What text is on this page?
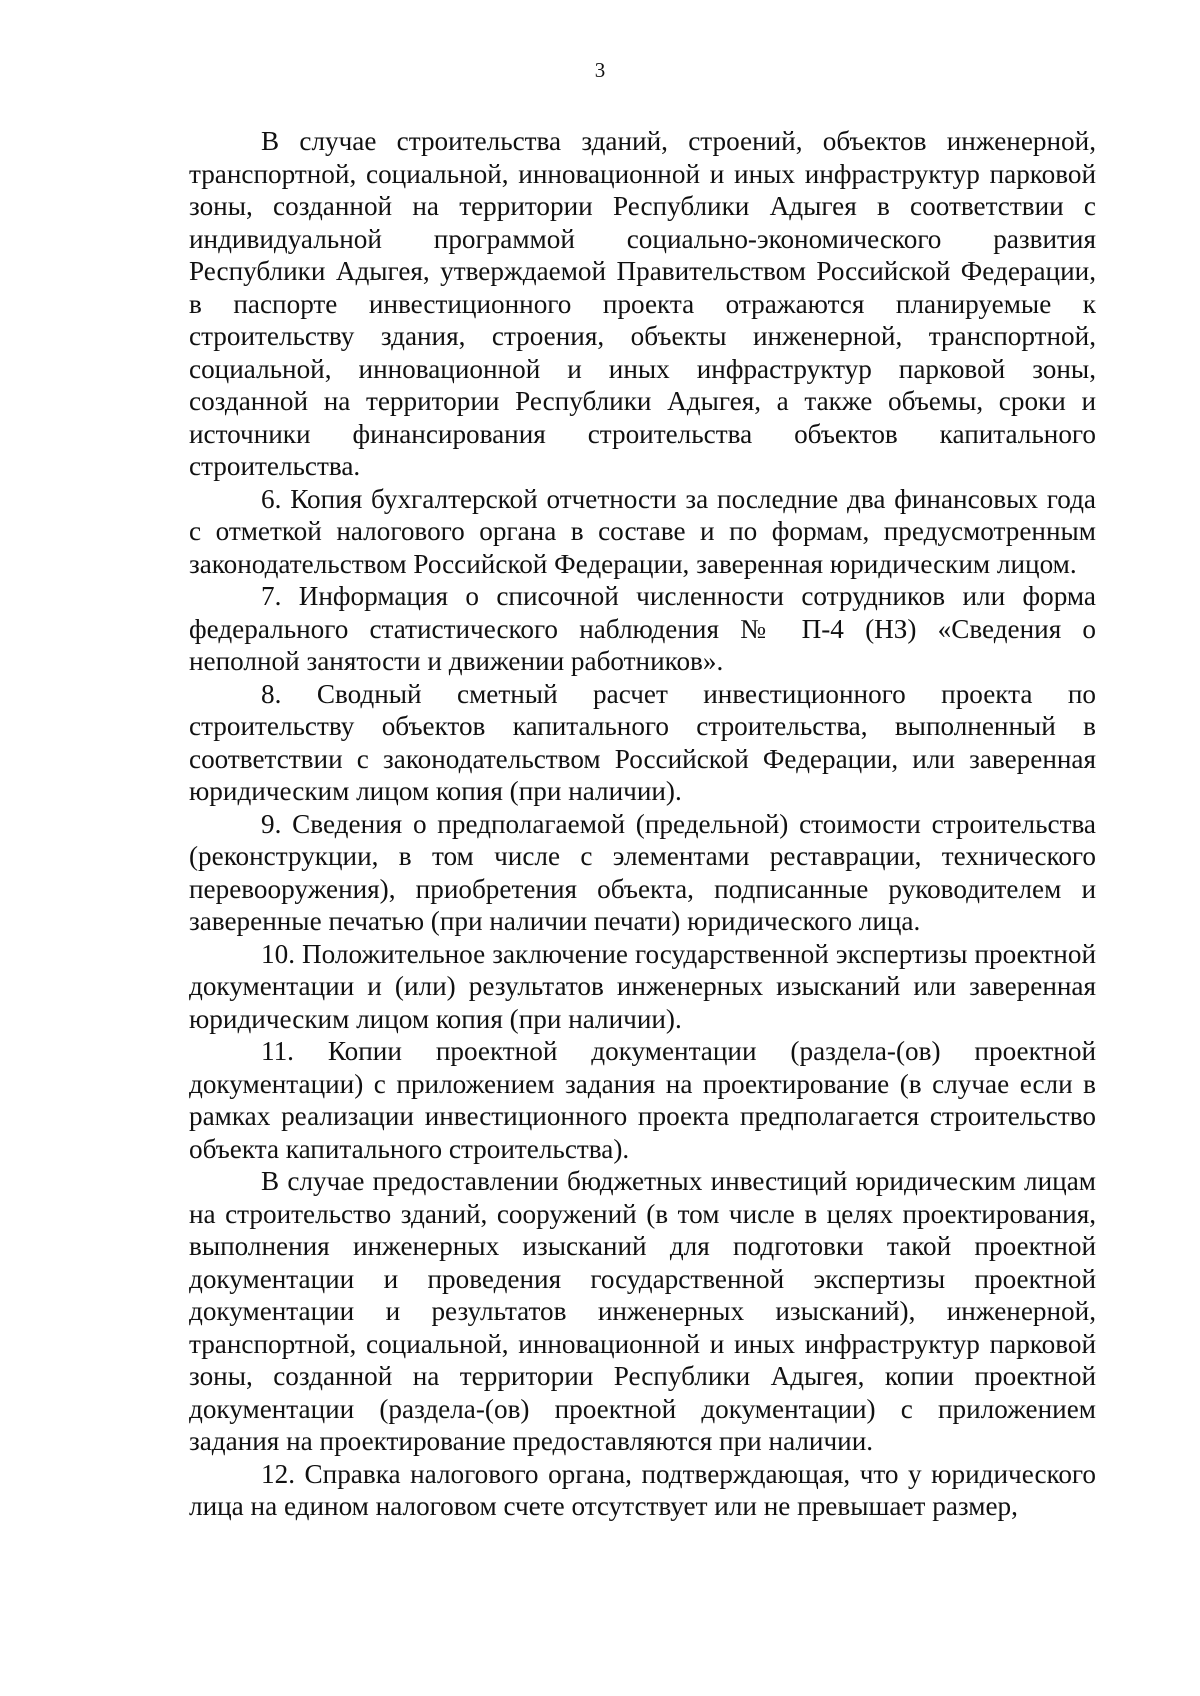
3

В случае строительства зданий, строений, объектов инженерной, транспортной, социальной, инновационной и иных инфраструктур парковой зоны, созданной на территории Республики Адыгея в соответствии с индивидуальной программой социально-экономического развития Республики Адыгея, утверждаемой Правительством Российской Федерации, в паспорте инвестиционного проекта отражаются планируемые к строительству здания, строения, объекты инженерной, транспортной, социальной, инновационной и иных инфраструктур парковой зоны, созданной на территории Республики Адыгея, а также объемы, сроки и источники финансирования строительства объектов капитального строительства.

6. Копия бухгалтерской отчетности за последние два финансовых года с отметкой налогового органа в составе и по формам, предусмотренным законодательством Российской Федерации, заверенная юридическим лицом.

7. Информация о списочной численности сотрудников или форма федерального статистического наблюдения № П-4 (НЗ) «Сведения о неполной занятости и движении работников».

8. Сводный сметный расчет инвестиционного проекта по строительству объектов капитального строительства, выполненный в соответствии с законодательством Российской Федерации, или заверенная юридическим лицом копия (при наличии).

9. Сведения о предполагаемой (предельной) стоимости строительства (реконструкции, в том числе с элементами реставрации, технического перевооружения), приобретения объекта, подписанные руководителем и заверенные печатью (при наличии печати) юридического лица.

10. Положительное заключение государственной экспертизы проектной документации и (или) результатов инженерных изысканий или заверенная юридическим лицом копия (при наличии).

11. Копии проектной документации (раздела-(ов) проектной документации) с приложением задания на проектирование (в случае если в рамках реализации инвестиционного проекта предполагается строительство объекта капитального строительства).

В случае предоставлении бюджетных инвестиций юридическим лицам на строительство зданий, сооружений (в том числе в целях проектирования, выполнения инженерных изысканий для подготовки такой проектной документации и проведения государственной экспертизы проектной документации и результатов инженерных изысканий), инженерной, транспортной, социальной, инновационной и иных инфраструктур парковой зоны, созданной на территории Республики Адыгея, копии проектной документации (раздела-(ов) проектной документации) с приложением задания на проектирование предоставляются при наличии.

12. Справка налогового органа, подтверждающая, что у юридического лица на едином налоговом счете отсутствует или не превышает размер,
